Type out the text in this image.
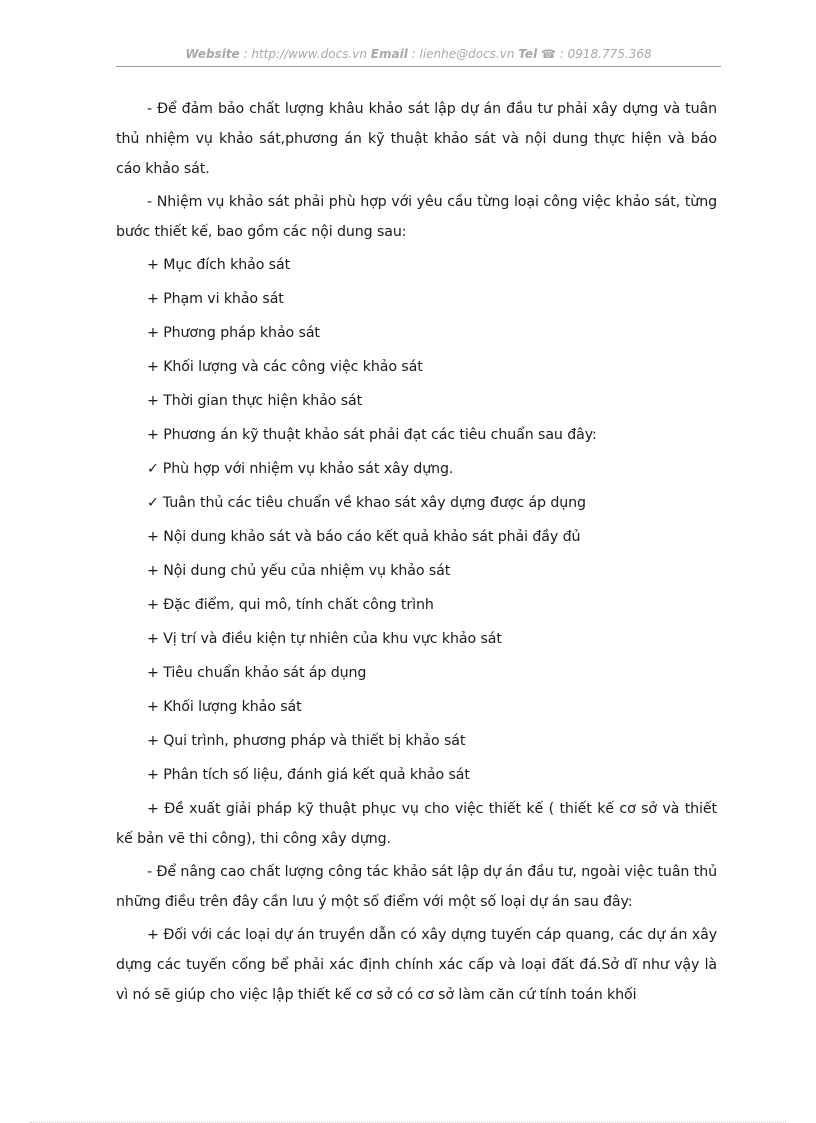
Website : http://www.docs.vn Email : lienhe@docs.vn Tel ☎ : 0918.775.368

- Để đảm bảo chất lượng khâu khảo sát lập dự án đầu tư phải xây dựng và tuân thủ nhiệm vụ khảo sát,phương án kỹ thuật khảo sát và nội dung thực hiện và báo cáo khảo sát.

- Nhiệm vụ khảo sát phải phù hợp với yêu cầu từng loại công việc khảo sát, từng bước thiết kế, bao gồm các nội dung sau:

+ Mục đích khảo sát

+ Phạm vi khảo sát

+ Phương pháp khảo sát

+ Khối lượng và các công việc khảo sát

+ Thời gian thực hiện khảo sát

+ Phương án kỹ thuật khảo sát phải đạt các tiêu chuẩn sau đây:

✓ Phù hợp với nhiệm vụ khảo sát xây dựng.

✓ Tuân thủ các tiêu chuẩn về khao sát xây dựng được áp dụng

+ Nội dung khảo sát và báo cáo kết quả khảo sát phải đầy đủ

+ Nội dung chủ yếu của nhiệm vụ khảo sát

+ Đặc điểm, qui mô, tính chất công trình

+ Vị trí và điều kiện tự nhiên của khu vực khảo sát

+ Tiêu chuẩn khảo sát áp dụng

+ Khối lượng khảo sát

+ Qui trình, phương pháp và thiết bị khảo sát

+ Phân tích số liệu, đánh giá kết quả khảo sát

+ Đề xuất giải pháp kỹ thuật phục vụ cho việc thiết kế ( thiết kế cơ sở và thiết kế bản vẽ thi công), thi công xây dựng.

- Để nâng cao chất lượng công tác khảo sát lập dự án đầu tư, ngoài việc tuân thủ những điều trên đây cần lưu ý một số điểm với một số loại dự án sau đây:

+ Đối với các loại dự án truyền dẫn có xây dựng tuyến cáp quang, các dự án xây dựng các tuyến cống bể phải xác định chính xác cấp và loại đất đá.Sở dĩ như vậy là vì nó sẽ giúp cho việc lập thiết kế cơ sở có cơ sở làm căn cứ tính toán khối
